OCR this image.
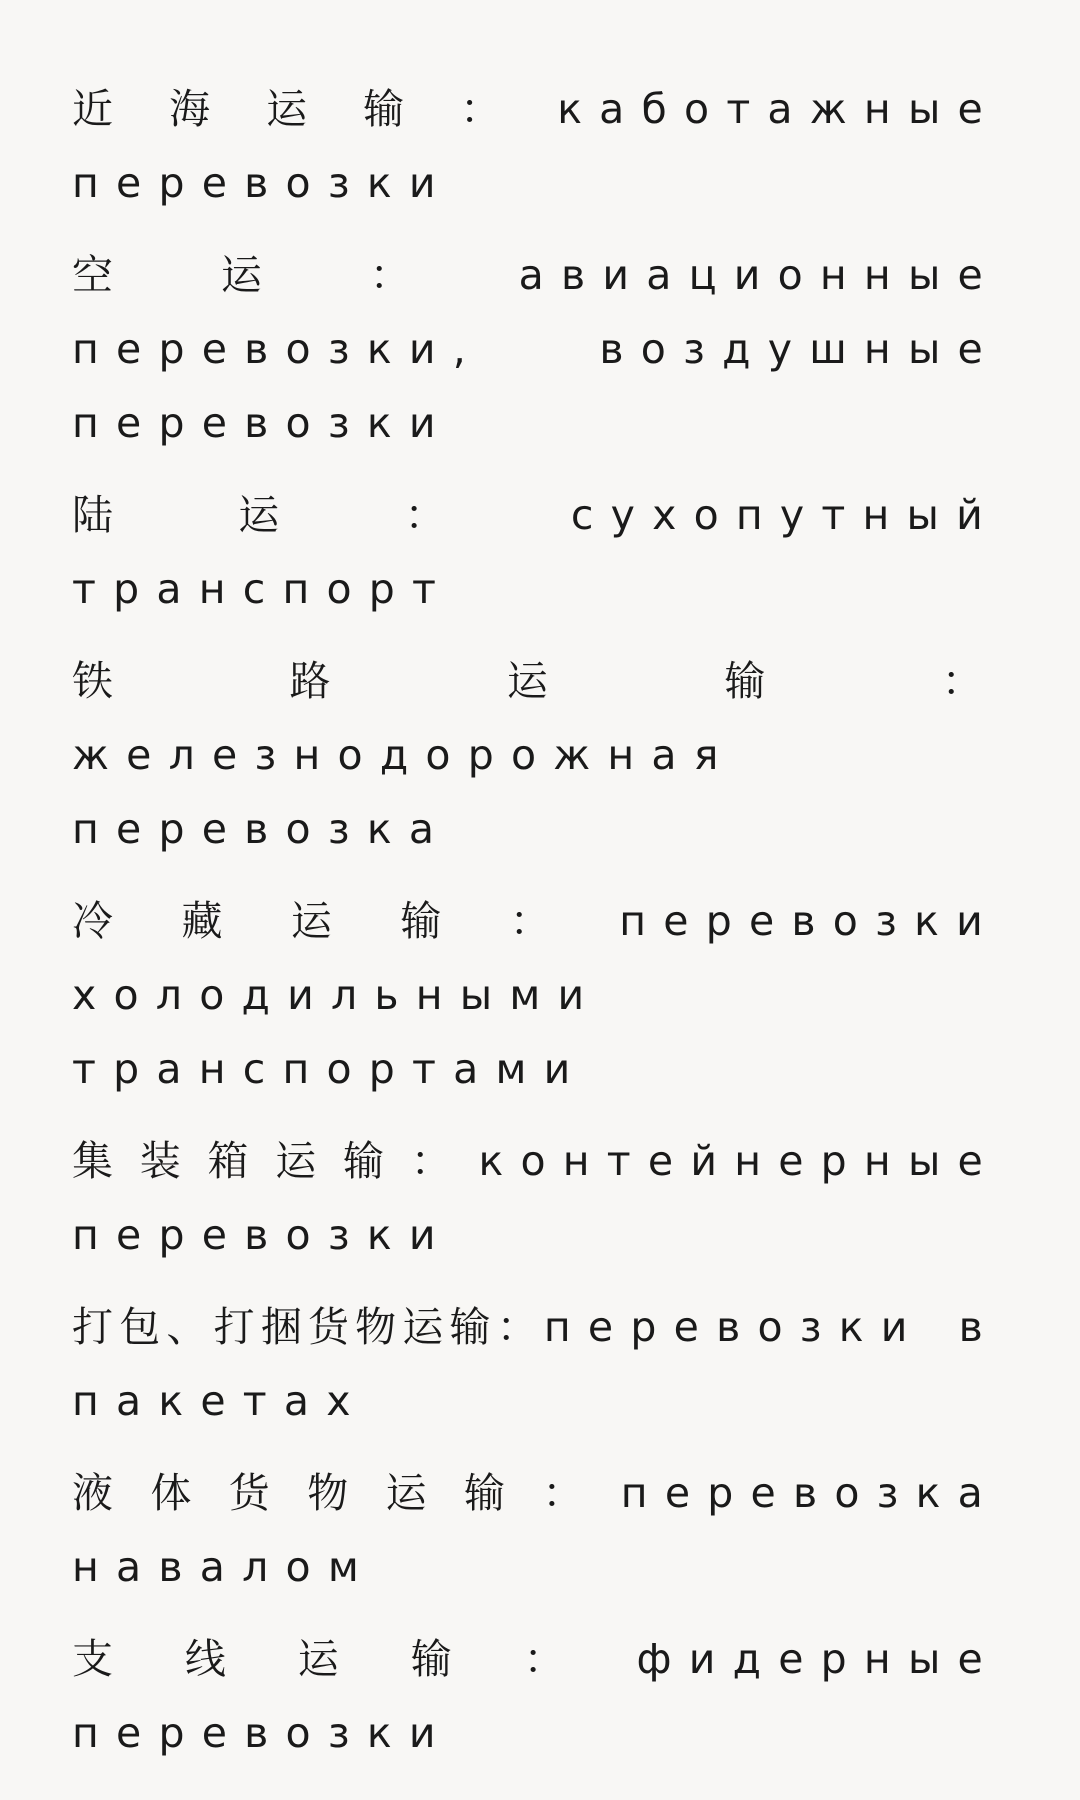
近海运输：каботажные перевозки

空运：авиационные перевозки, воздушные перевозки

陆运：сухопутный транспорт

铁路运输：железнодорожная перевозка

冷藏运输：перевозки холодильными транспортами

集装箱运输：контейнерные перевозки

打包、打捆货物运输：перевозки в пакетах

液体货物运输：перевозка навалом

支线运输：фидерные перевозки
